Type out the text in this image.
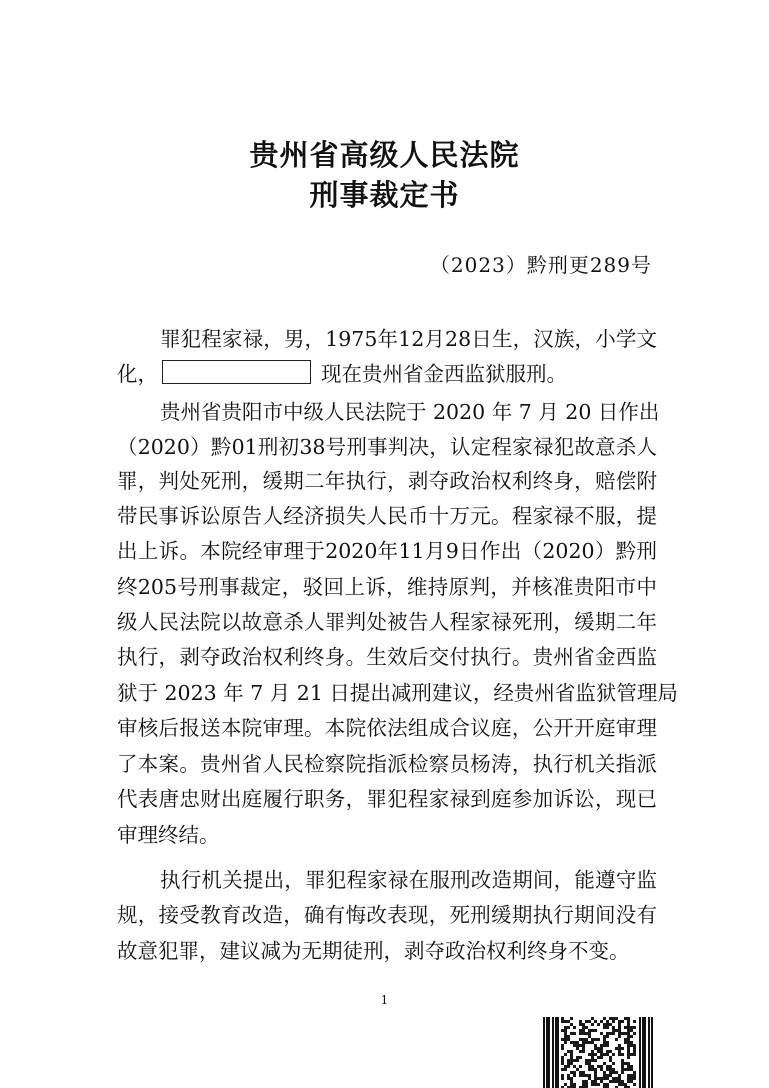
贵州省高级人民法院
刑事裁定书
（2023）黔刑更289号
罪犯程家禄，男，1975年12月28日生，汉族，小学文
化，	现在贵州省金西监狱服刑。
贵州省贵阳市中级人民法院于 2020 年 7 月 20 日作出
（2020）黔01刑初38号刑事判决，认定程家禄犯故意杀人
罪，判处死刑，缓期二年执行，剥夺政治权利终身，赔偿附
带民事诉讼原告人经济损失人民币十万元。程家禄不服，提
出上诉。本院经审理于2020年11月9日作出（2020）黔刑
终205号刑事裁定，驳回上诉，维持原判，并核准贵阳市中
级人民法院以故意杀人罪判处被告人程家禄死刑，缓期二年
执行，剥夺政治权利终身。生效后交付执行。贵州省金西监
狱于 2023 年 7 月 21 日提出减刑建议，经贵州省监狱管理局
审核后报送本院审理。本院依法组成合议庭，公开开庭审理
了本案。贵州省人民检察院指派检察员杨涛，执行机关指派
代表唐忠财出庭履行职务，罪犯程家禄到庭参加诉讼，现已
审理终结。
执行机关提出，罪犯程家禄在服刑改造期间，能遵守监
规，接受教育改造，确有悔改表现，死刑缓期执行期间没有
故意犯罪，建议减为无期徒刑，剥夺政治权利终身不变。
1
